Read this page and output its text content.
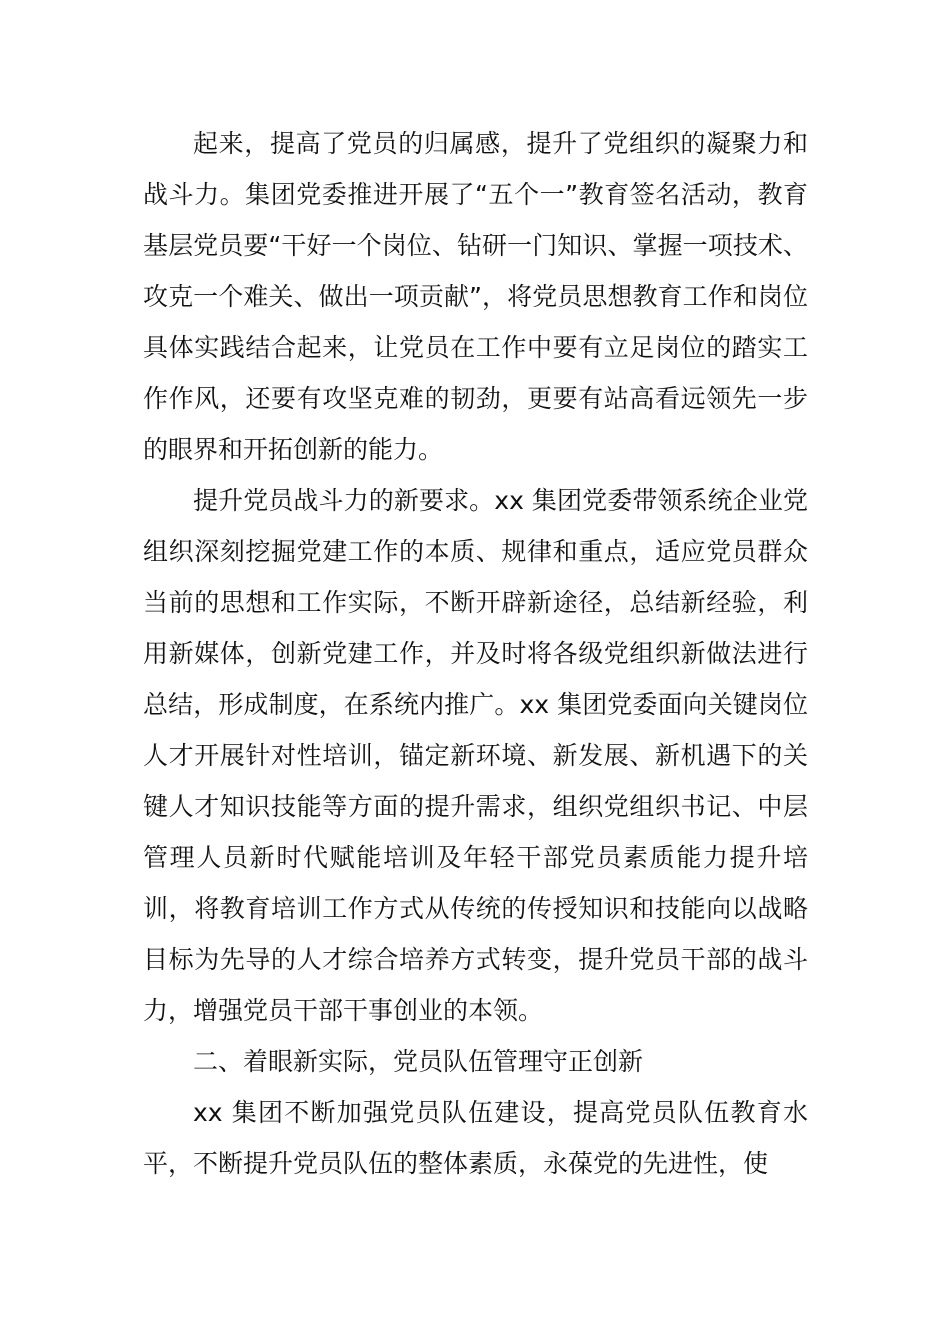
起来，提高了党员的归属感，提升了党组织的凝聚力和战斗力。集团党委推进开展了“五个一”教育签名活动，教育基层党员要“干好一个岗位、钻研一门知识、掌握一项技术、攻克一个难关、做出一项贡献”，将党员思想教育工作和岗位具体实践结合起来，让党员在工作中要有立足岗位的踏实工作作风，还要有攻坚克难的韧劲，更要有站高看远领先一步的眼界和开拓创新的能力。

提升党员战斗力的新要求。xx 集团党委带领系统企业党组织深刻挖掘党建工作的本质、规律和重点，适应党员群众当前的思想和工作实际，不断开辟新途径，总结新经验，利用新媒体，创新党建工作，并及时将各级党组织新做法进行总结，形成制度，在系统内推广。xx 集团党委面向关键岗位人才开展针对性培训，锚定新环境、新发展、新机遇下的关键人才知识技能等方面的提升需求，组织党组织书记、中层管理人员新时代赋能培训及年轻干部党员素质能力提升培训，将教育培训工作方式从传统的传授知识和技能向以战略目标为先导的人才综合培养方式转变，提升党员干部的战斗力，增强党员干部干事创业的本领。

二、着眼新实际，党员队伍管理守正创新

xx 集团不断加强党员队伍建设，提高党员队伍教育水平，不断提升党员队伍的整体素质，永葆党的先进性，使
